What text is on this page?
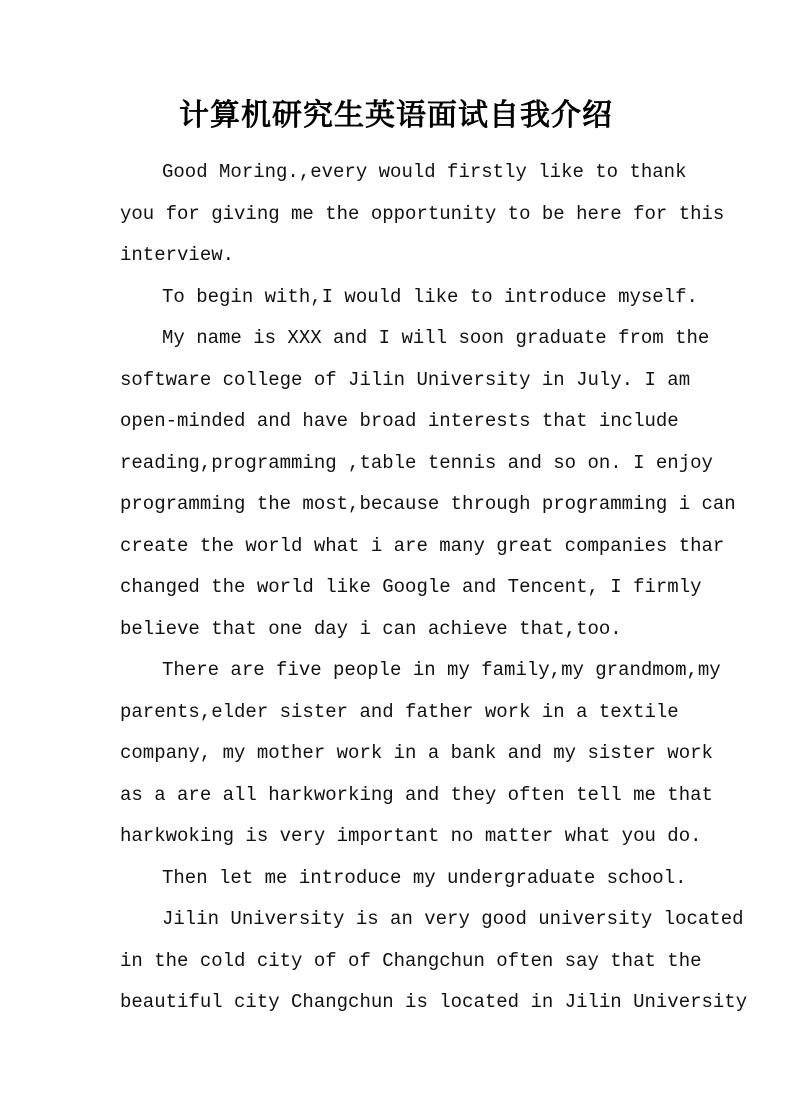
计算机研究生英语面试自我介绍
Good Moring.,every would firstly like to thank
you for giving me the opportunity to be here for this
interview.
To begin with,I would like to introduce myself.
My name is XXX and I will soon graduate from the
software college of Jilin University in July. I am
open-minded and have broad interests that include
reading,programming ,table tennis and so on. I enjoy
programming the most,because through programming i can
create the world what i are many great companies thar
changed the world like Google and Tencent, I firmly
believe that one day i can achieve that,too.
There are five people in my family,my grandmom,my
parents,elder sister and father work in a textile
company, my mother work in a bank and my sister work
as a are all harkworking and they often tell me that
harkwoking is very important no matter what you do.
Then let me introduce my undergraduate school.
Jilin University is an very good university located
in the cold city of of Changchun often say that the
beautiful city Changchun is located in Jilin University
